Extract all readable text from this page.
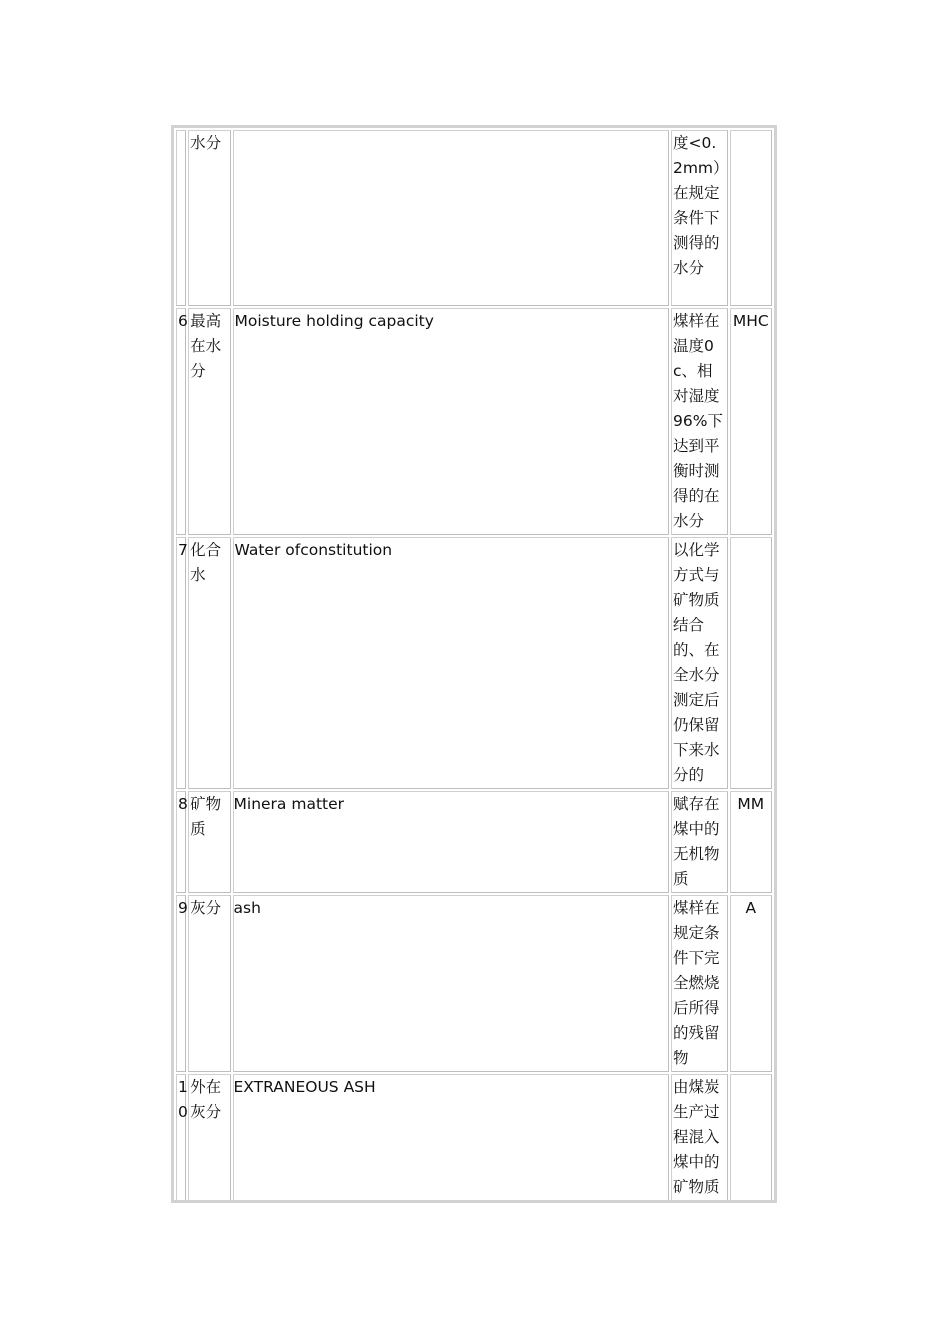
	水分		度<0.2mm）在规定条件下测得的水分	

6	最高在水分	Moisture holding capacity	煤样在温度0c、相对湿度96%下达到平衡时测得的在水分	MHC

7	化合水	Water ofconstitution	以化学方式与矿物质结合的、在全水分测定后仍保留下来水分的	

8	矿物质	Minera matter	赋存在煤中的无机物质	MM

9	灰分	ash	煤样在规定条件下完全燃烧后所得的残留物	A

10	外在灰分	EXTRANEOUS ASH	由煤炭生产过程混入煤中的矿物质	
